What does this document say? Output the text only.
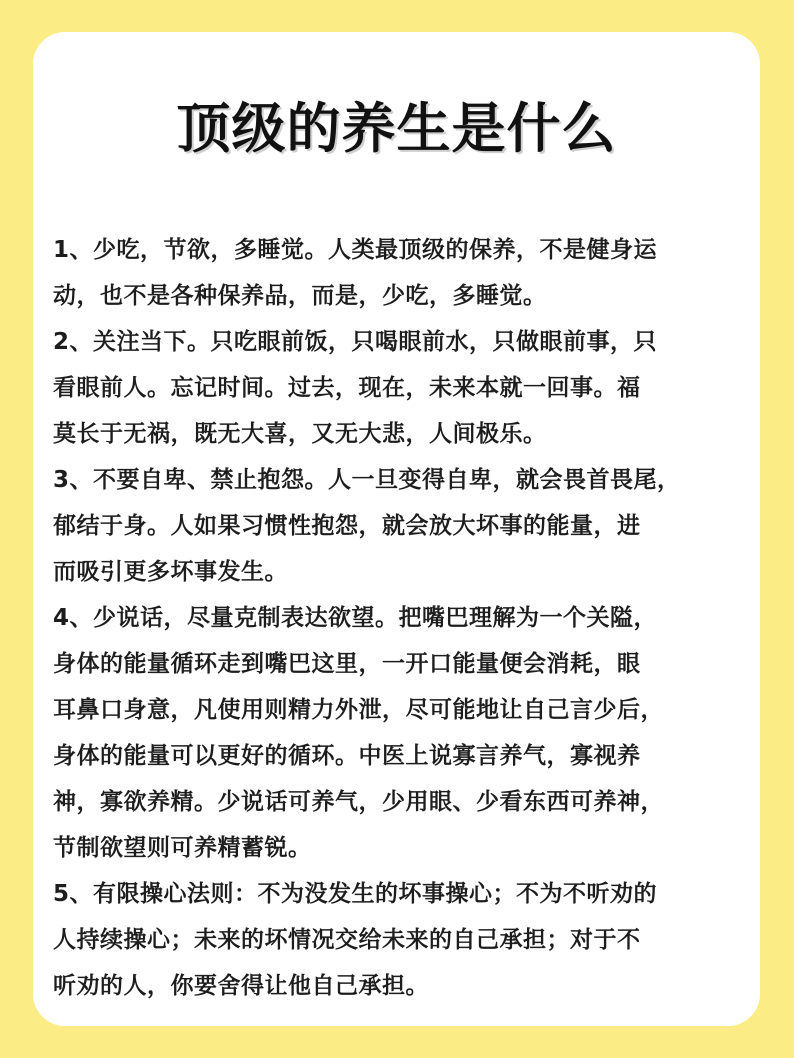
顶级的养生是什么

1、少吃，节欲，多睡觉。人类最顶级的保养，不是健身运
动，也不是各种保养品，而是，少吃，多睡觉。

2、关注当下。只吃眼前饭，只喝眼前水，只做眼前事，只
看眼前人。忘记时间。过去，现在，未来本就一回事。福
莫长于无祸，既无大喜，又无大悲，人间极乐。

3、不要自卑、禁止抱怨。人一旦变得自卑，就会畏首畏尾，
郁结于身。人如果习惯性抱怨，就会放大坏事的能量，进
而吸引更多坏事发生。

4、少说话，尽量克制表达欲望。把嘴巴理解为一个关隘，
身体的能量循环走到嘴巴这里，一开口能量便会消耗，眼
耳鼻口身意，凡使用则精力外泄，尽可能地让自己言少后，
身体的能量可以更好的循环。中医上说寡言养气，寡视养
神，寡欲养精。少说话可养气，少用眼、少看东西可养神，
节制欲望则可养精蓄锐。

5、有限操心法则：不为没发生的坏事操心；不为不听劝的
人持续操心；未来的坏情况交给未来的自己承担；对于不
听劝的人，你要舍得让他自己承担。
